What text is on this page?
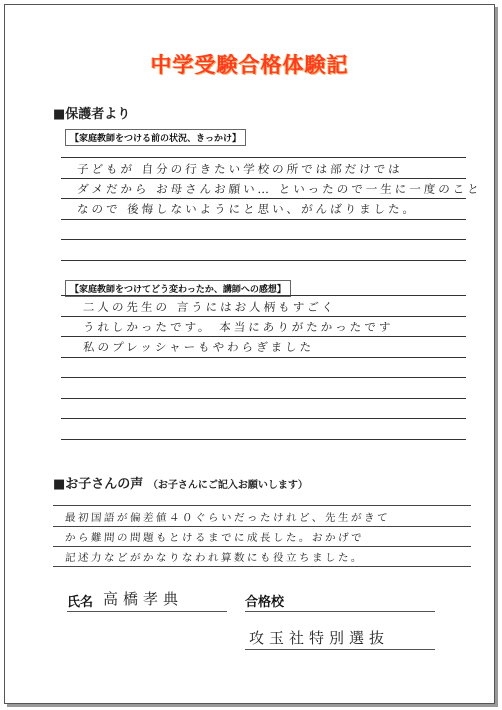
中学受験合格体験記
■保護者より
【家庭教師をつける前の状況、きっかけ】
子どもが 自分の行きたい学校の所では部だけでは
ダメだから お母さんお願い… といったので一生に一度のこと
なので 後悔しないようにと思い、がんばりました。
【家庭教師をつけてどう変わったか、講師への感想】
二人の先生の 言うにはお人柄もすごく
うれしかったです。 本当にありがたかったです
私のプレッシャーもやわらぎました
■お子さんの声 （お子さんにご記入お願いします）
最初国語が偏差値４０ぐらいだったけれど、先生がきて
から難問の問題もとけるまでに成長した。おかげで
記述力などがかなりなわれ算数にも役立ちました。
氏名 高橋孝典	合格校
攻玉社特別選抜
